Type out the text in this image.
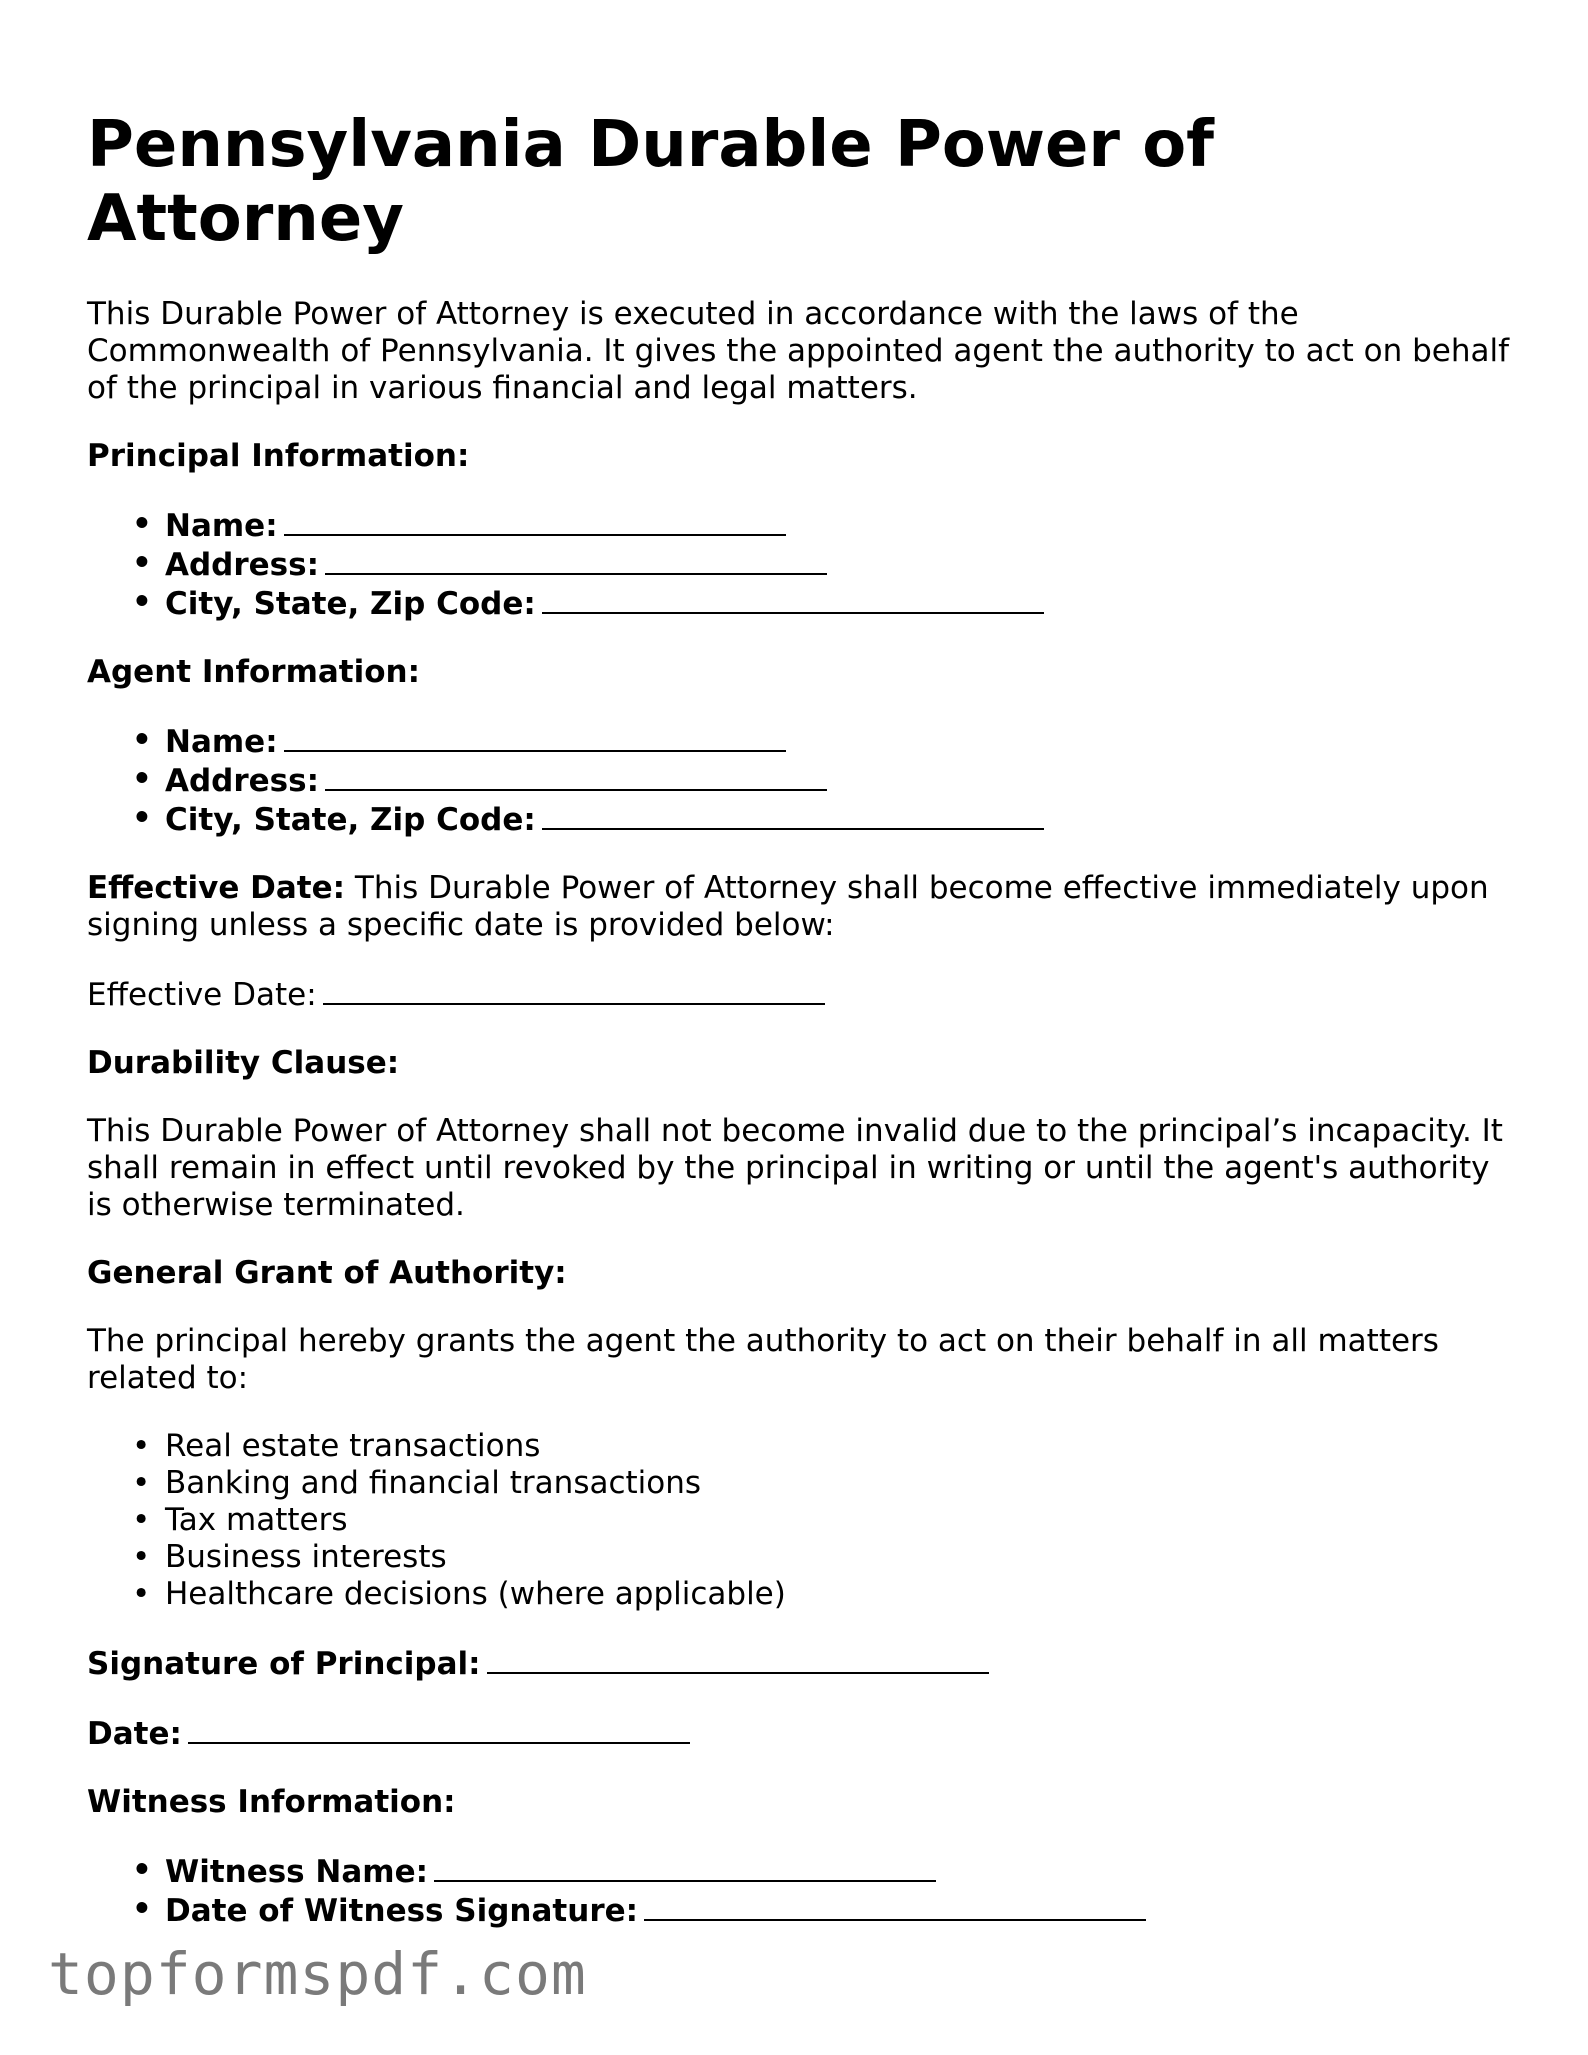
Pennsylvania Durable Power of Attorney

This Durable Power of Attorney is executed in accordance with the laws of the Commonwealth of Pennsylvania. It gives the appointed agent the authority to act on behalf of the principal in various financial and legal matters.

Principal Information:

• Name:
• Address:
• City, State, Zip Code:

Agent Information:

• Name:
• Address:
• City, State, Zip Code:

Effective Date: This Durable Power of Attorney shall become effective immediately upon signing unless a specific date is provided below:

Effective Date:

Durability Clause:

This Durable Power of Attorney shall not become invalid due to the principal’s incapacity. It shall remain in effect until revoked by the principal in writing or until the agent's authority is otherwise terminated.

General Grant of Authority:

The principal hereby grants the agent the authority to act on their behalf in all matters related to:

• Real estate transactions
• Banking and financial transactions
• Tax matters
• Business interests
• Healthcare decisions (where applicable)

Signature of Principal:

Date:

Witness Information:

• Witness Name:
• Date of Witness Signature:
topformspdf.com
